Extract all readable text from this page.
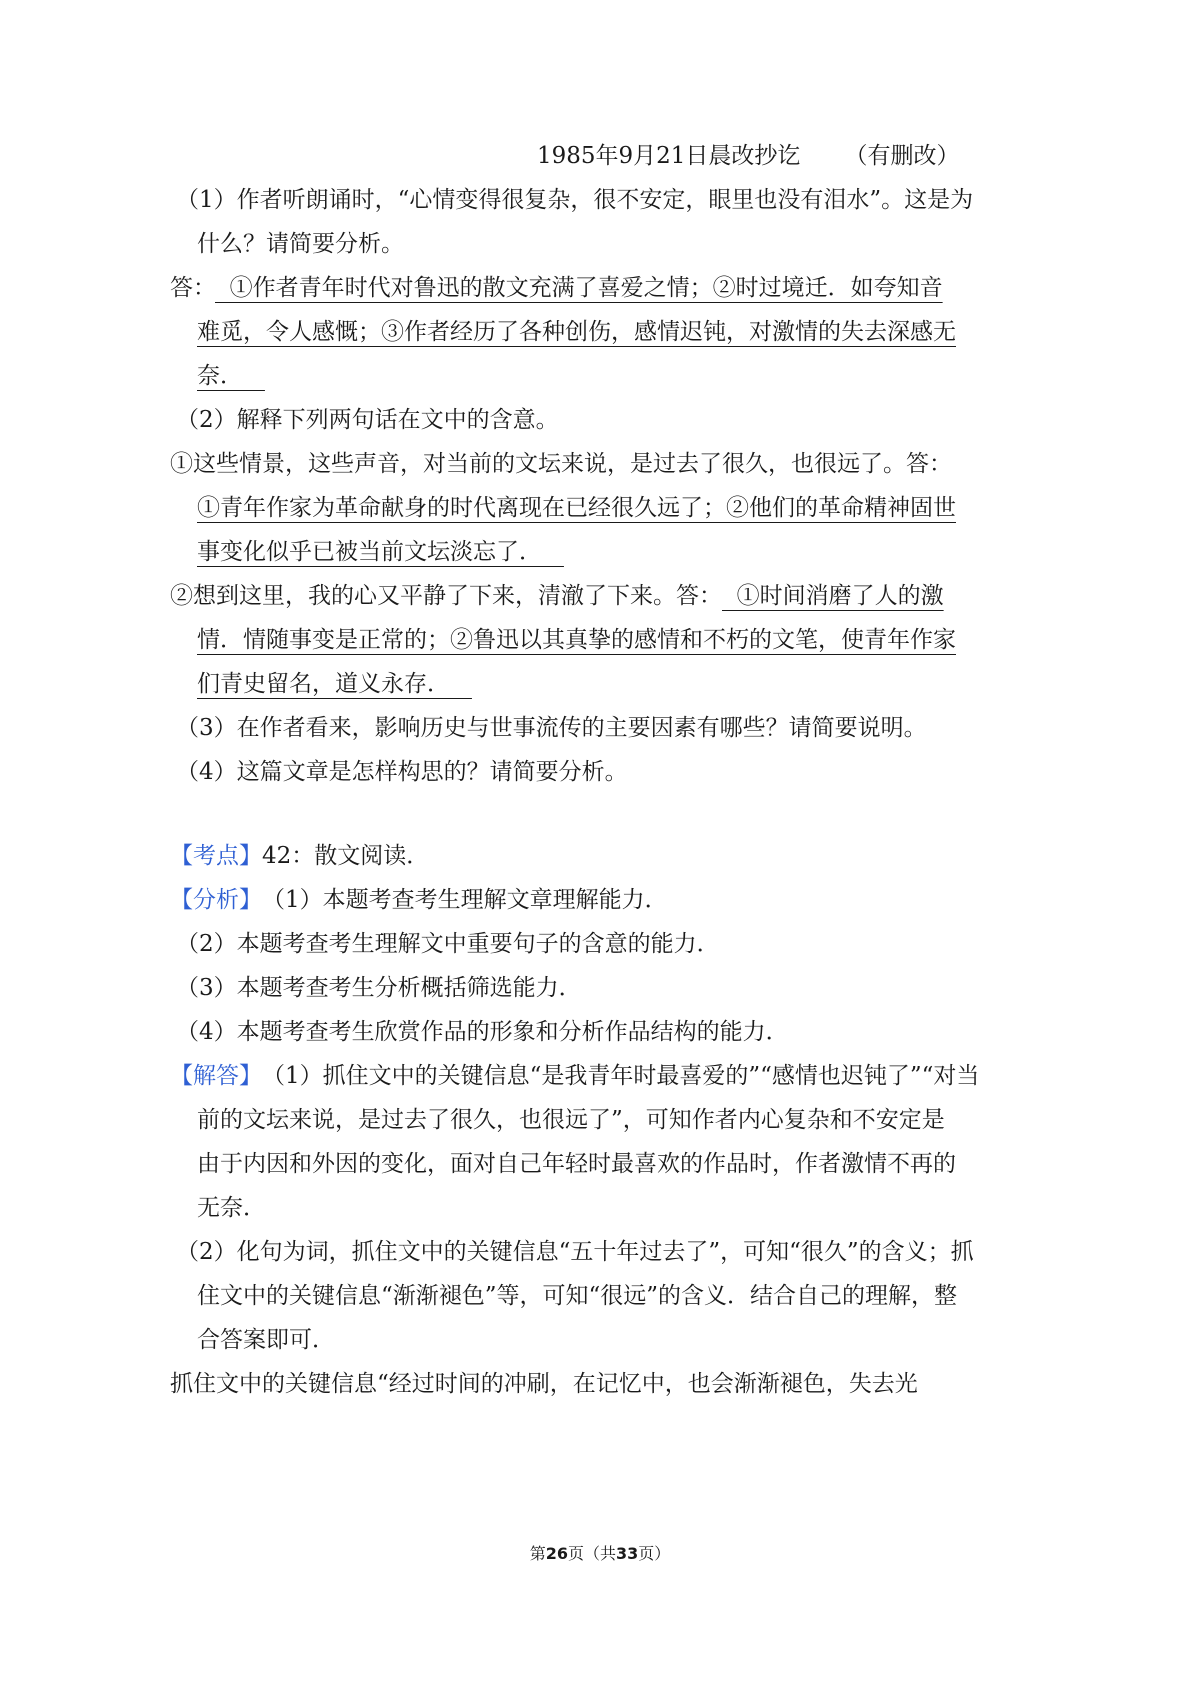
1985年9月21日晨改抄讫 （有删改）
（1）作者听朗诵时，“心情变得很复杂，很不安定，眼里也没有泪水”。这是为
什么？请简要分析。
答：  ①作者青年时代对鲁迅的散文充满了喜爱之情；②时过境迁．如夸知音
难觅，令人感慨；③作者经历了各种创伤，感情迟钝，对激情的失去深感无
奈．
（2）解释下列两句话在文中的含意。
①这些情景，这些声音，对当前的文坛来说，是过去了很久，也很远了。答：
①青年作家为革命献身的时代离现在已经很久远了；②他们的革命精神固世
事变化似乎已被当前文坛淡忘了．
②想到这里，我的心又平静了下来，清澈了下来。答：  ①时间消磨了人的激
情．情随事变是正常的；②鲁迅以其真挚的感情和不朽的文笔，使青年作家
们青史留名，道义永存．
（3）在作者看来，影响历史与世事流传的主要因素有哪些？请简要说明。
（4）这篇文章是怎样构思的？请简要分析。
【考点】42：散文阅读．
【分析】（1）本题考查考生理解文章理解能力．
（2）本题考查考生理解文中重要句子的含意的能力．
（3）本题考查考生分析概括筛选能力．
（4）本题考查考生欣赏作品的形象和分析作品结构的能力．
【解答】（1）抓住文中的关键信息“是我青年时最喜爱的”“感情也迟钝了”“对当
前的文坛来说，是过去了很久，也很远了”，可知作者内心复杂和不安定是
由于内因和外因的变化，面对自己年轻时最喜欢的作品时，作者激情不再的
无奈．
（2）化句为词，抓住文中的关键信息“五十年过去了”，可知“很久”的含义；抓
住文中的关键信息“渐渐褪色”等，可知“很远”的含义．结合自己的理解，整
合答案即可．
抓住文中的关键信息“经过时间的冲刷，在记忆中，也会渐渐褪色，失去光
第26页（共33页）
